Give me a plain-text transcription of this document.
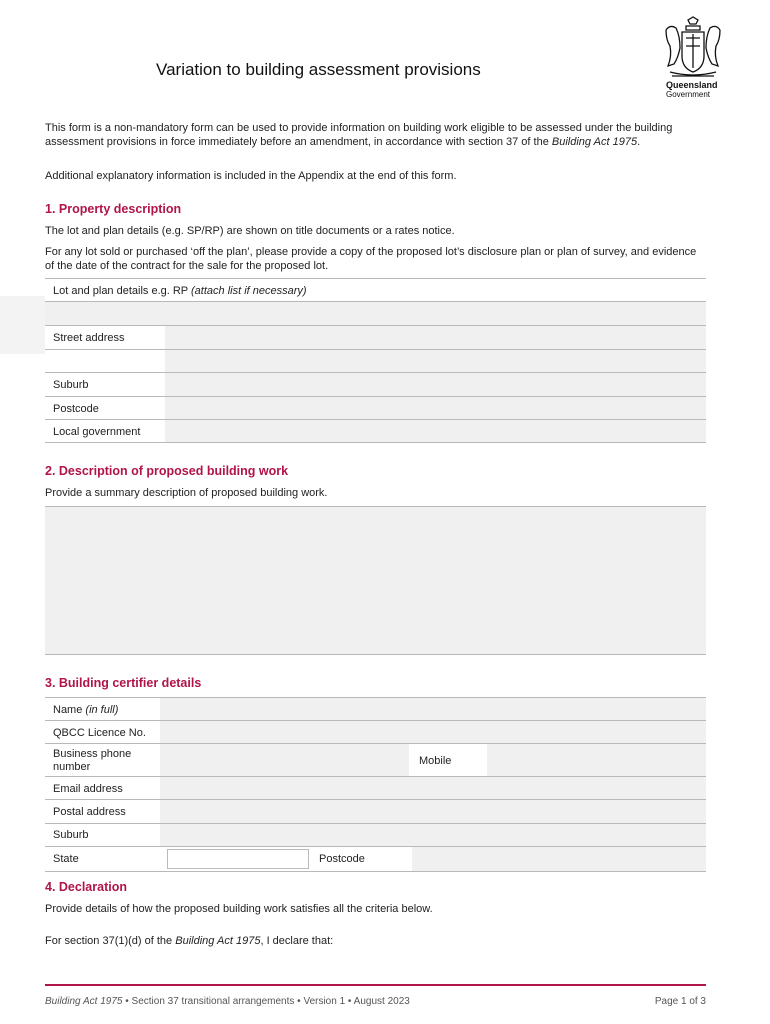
Queensland
Government
Variation to building assessment provisions
This form is a non-mandatory form can be used to provide information on building work eligible to be assessed under the building assessment provisions in force immediately before an amendment, in accordance with section 37 of the Building Act 1975.
Additional explanatory information is included in the Appendix at the end of this form.
1. Property description
The lot and plan details (e.g. SP/RP) are shown on title documents or a rates notice.
For any lot sold or purchased ‘off the plan’, please provide a copy of the proposed lot’s disclosure plan or plan of survey, and evidence of the date of the contract for the sale for the proposed lot.
Lot and plan details e.g. RP (attach list if necessary)
Street address
Suburb
Postcode
Local government
2. Description of proposed building work
Provide a summary description of proposed building work.
3. Building certifier details
Name (in full)
QBCC Licence No.
Business phone
number	Mobile
Email address
Postal address
Suburb
State	Postcode
4. Declaration
Provide details of how the proposed building work satisfies all the criteria below.
For section 37(1)(d) of the Building Act 1975, I declare that:
Building Act 1975 • Section 37 transitional arrangements • Version 1 • August 2023	Page 1 of 3
